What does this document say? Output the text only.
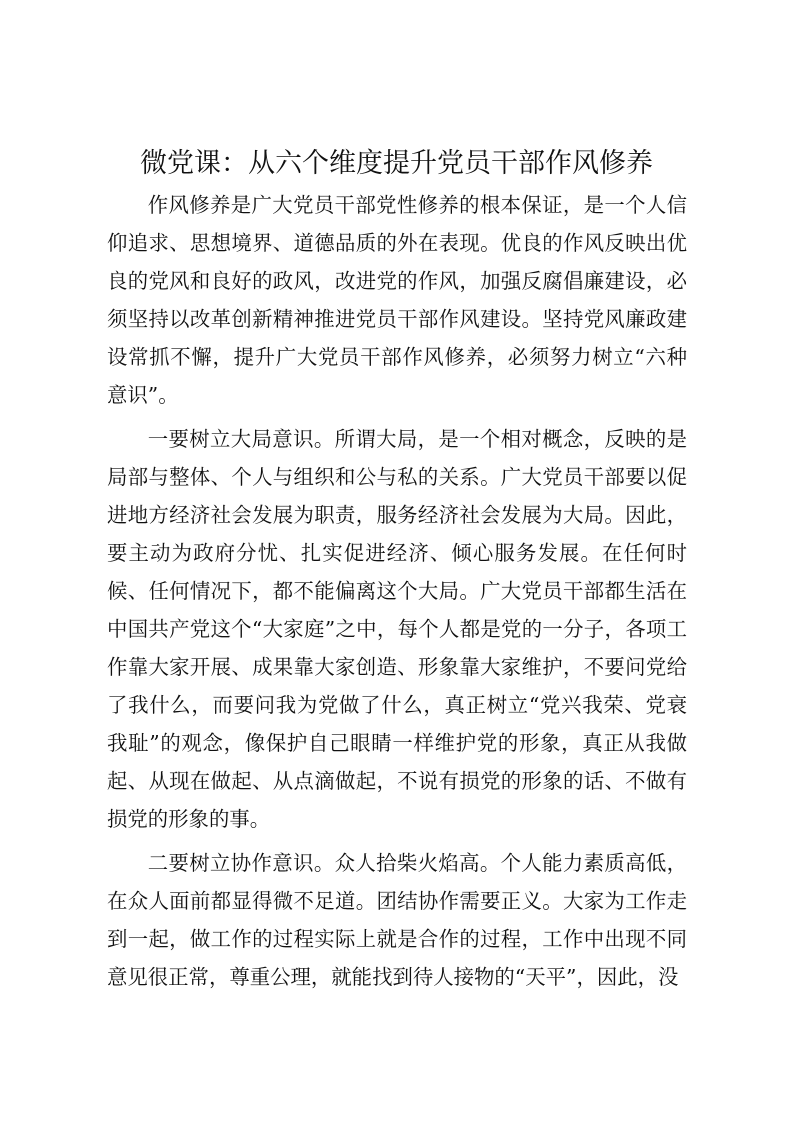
微党课：从六个维度提升党员干部作风修养

作风修养是广大党员干部党性修养的根本保证，是一个人信仰追求、思想境界、道德品质的外在表现。优良的作风反映出优良的党风和良好的政风，改进党的作风，加强反腐倡廉建设，必须坚持以改革创新精神推进党员干部作风建设。坚持党风廉政建设常抓不懈，提升广大党员干部作风修养，必须努力树立“六种意识”。

一要树立大局意识。所谓大局，是一个相对概念，反映的是局部与整体、个人与组织和公与私的关系。广大党员干部要以促进地方经济社会发展为职责，服务经济社会发展为大局。因此，要主动为政府分忧、扎实促进经济、倾心服务发展。在任何时候、任何情况下，都不能偏离这个大局。广大党员干部都生活在中国共产党这个“大家庭”之中，每个人都是党的一分子，各项工作靠大家开展、成果靠大家创造、形象靠大家维护，不要问党给了我什么，而要问我为党做了什么，真正树立“党兴我荣、党衰我耻”的观念，像保护自己眼睛一样维护党的形象，真正从我做起、从现在做起、从点滴做起，不说有损党的形象的话、不做有损党的形象的事。

二要树立协作意识。众人拾柴火焰高。个人能力素质高低，在众人面前都显得微不足道。团结协作需要正义。大家为工作走到一起，做工作的过程实际上就是合作的过程，工作中出现不同意见很正常，尊重公理，就能找到待人接物的“天平”，因此，没
